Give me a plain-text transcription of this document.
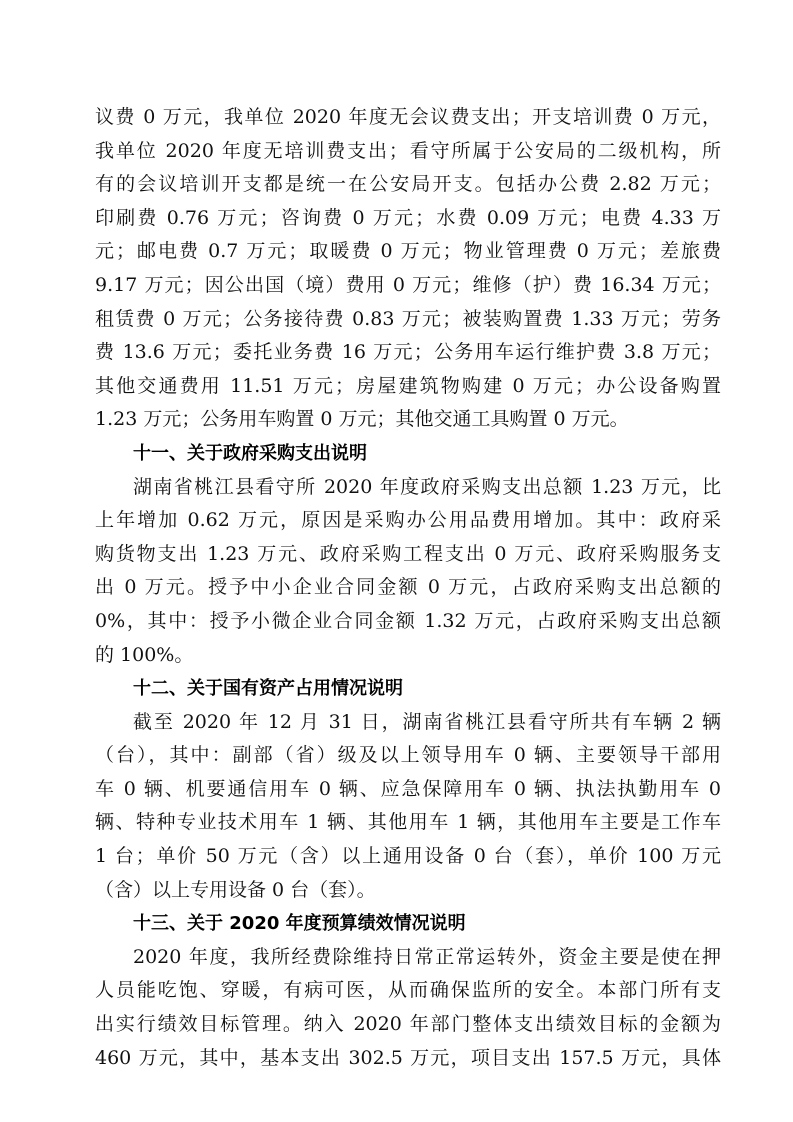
议费 0 万元，我单位 2020 年度无会议费支出；开支培训费 0 万元，
我单位 2020 年度无培训费支出；看守所属于公安局的二级机构，所
有的会议培训开支都是统一在公安局开支。包括办公费 2.82 万元；
印刷费 0.76 万元；咨询费 0 万元；水费 0.09 万元；电费 4.33 万
元；邮电费 0.7 万元；取暖费 0 万元；物业管理费 0 万元；差旅费
9.17 万元；因公出国（境）费用 0 万元；维修（护）费 16.34 万元；
租赁费 0 万元；公务接待费 0.83 万元；被装购置费 1.33 万元；劳务
费 13.6 万元；委托业务费 16 万元；公务用车运行维护费 3.8 万元；
其他交通费用 11.51 万元；房屋建筑物购建 0 万元；办公设备购置
1.23 万元；公务用车购置 0 万元；其他交通工具购置 0 万元。
十一、关于政府采购支出说明
湖南省桃江县看守所 2020 年度政府采购支出总额 1.23 万元，比
上年增加 0.62 万元，原因是采购办公用品费用增加。其中：政府采
购货物支出 1.23 万元、政府采购工程支出 0 万元、政府采购服务支
出 0 万元。授予中小企业合同金额 0 万元，占政府采购支出总额的
0%，其中：授予小微企业合同金额 1.32 万元，占政府采购支出总额
的 100%。
十二、关于国有资产占用情况说明
截至 2020 年 12 月 31 日，湖南省桃江县看守所共有车辆 2 辆
（台），其中：副部（省）级及以上领导用车 0 辆、主要领导干部用
车 0 辆、机要通信用车 0 辆、应急保障用车 0 辆、执法执勤用车 0
辆、特种专业技术用车 1 辆、其他用车 1 辆，其他用车主要是工作车
1 台；单价 50 万元（含）以上通用设备 0 台（套），单价 100 万元
（含）以上专用设备 0 台（套）。
十三、关于 2020 年度预算绩效情况说明
2020 年度，我所经费除维持日常正常运转外，资金主要是使在押
人员能吃饱、穿暖，有病可医，从而确保监所的安全。本部门所有支
出实行绩效目标管理。纳入 2020 年部门整体支出绩效目标的金额为
460 万元，其中，基本支出 302.5 万元，项目支出 157.5 万元，具体
